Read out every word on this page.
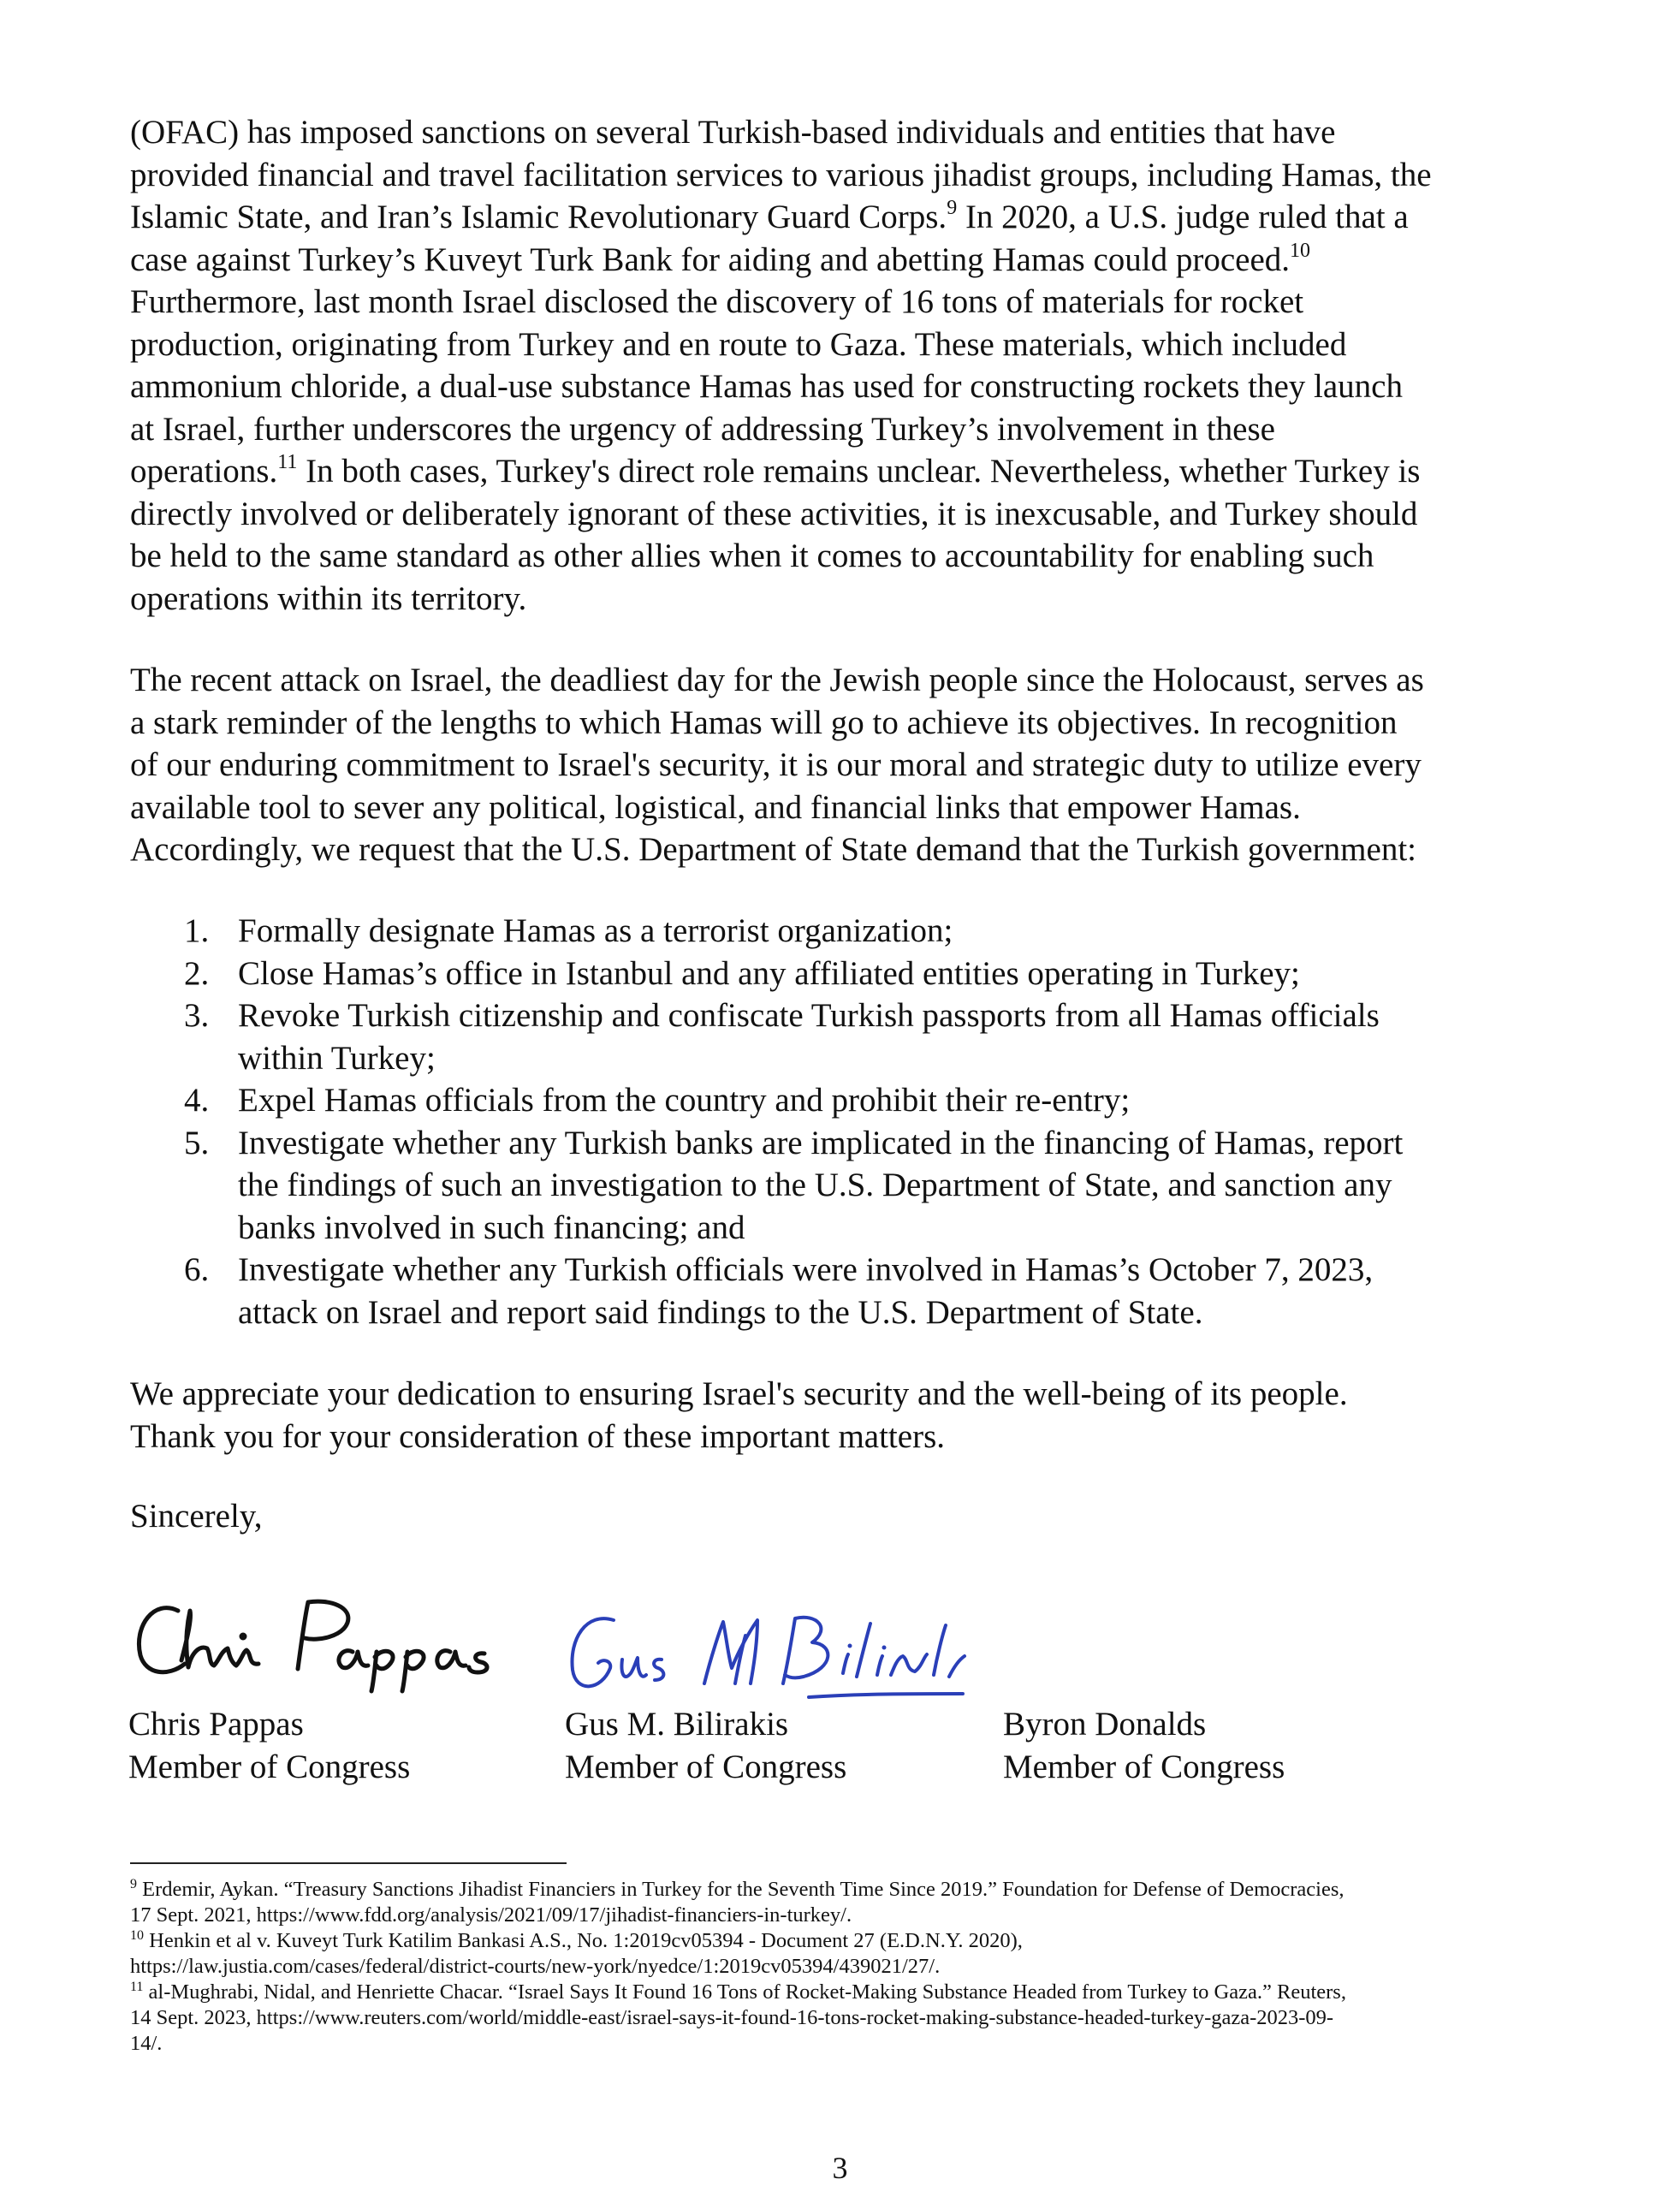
(OFAC) has imposed sanctions on several Turkish-based individuals and entities that have
provided financial and travel facilitation services to various jihadist groups, including Hamas, the
Islamic State, and Iran’s Islamic Revolutionary Guard Corps.$^9$ In 2020, a U.S. judge ruled that a
case against Turkey’s Kuveyt Turk Bank for aiding and abetting Hamas could proceed.$^{10}$
Furthermore, last month Israel disclosed the discovery of 16 tons of materials for rocket
production, originating from Turkey and en route to Gaza. These materials, which included
ammonium chloride, a dual-use substance Hamas has used for constructing rockets they launch
at Israel, further underscores the urgency of addressing Turkey’s involvement in these
operations.$^{11}$ In both cases, Turkey's direct role remains unclear. Nevertheless, whether Turkey is
directly involved or deliberately ignorant of these activities, it is inexcusable, and Turkey should
be held to the same standard as other allies when it comes to accountability for enabling such
operations within its territory.
The recent attack on Israel, the deadliest day for the Jewish people since the Holocaust, serves as
a stark reminder of the lengths to which Hamas will go to achieve its objectives. In recognition
of our enduring commitment to Israel's security, it is our moral and strategic duty to utilize every
available tool to sever any political, logistical, and financial links that empower Hamas.
Accordingly, we request that the U.S. Department of State demand that the Turkish government:
1. Formally designate Hamas as a terrorist organization;
2. Close Hamas’s office in Istanbul and any affiliated entities operating in Turkey;
3. Revoke Turkish citizenship and confiscate Turkish passports from all Hamas officials
within Turkey;
4. Expel Hamas officials from the country and prohibit their re-entry;
5. Investigate whether any Turkish banks are implicated in the financing of Hamas, report
the findings of such an investigation to the U.S. Department of State, and sanction any
banks involved in such financing; and
6. Investigate whether any Turkish officials were involved in Hamas’s October 7, 2023,
attack on Israel and report said findings to the U.S. Department of State.
We appreciate your dedication to ensuring Israel's security and the well-being of its people.
Thank you for your consideration of these important matters.
Sincerely,
Chris Pappas
Member of Congress
Gus M. Bilirakis
Member of Congress
Byron Donalds
Member of Congress
$^9$ Erdemir, Aykan. “Treasury Sanctions Jihadist Financiers in Turkey for the Seventh Time Since 2019.” Foundation for Defense of Democracies,
17 Sept. 2021, https://www.fdd.org/analysis/2021/09/17/jihadist-financiers-in-turkey/.
$^{10}$ Henkin et al v. Kuveyt Turk Katilim Bankasi A.S., No. 1:2019cv05394 - Document 27 (E.D.N.Y. 2020),
https://law.justia.com/cases/federal/district-courts/new-york/nyedce/1:2019cv05394/439021/27/.
$^{11}$ al-Mughrabi, Nidal, and Henriette Chacar. “Israel Says It Found 16 Tons of Rocket-Making Substance Headed from Turkey to Gaza.” Reuters,
14 Sept. 2023, https://www.reuters.com/world/middle-east/israel-says-it-found-16-tons-rocket-making-substance-headed-turkey-gaza-2023-09-
14/.
3
